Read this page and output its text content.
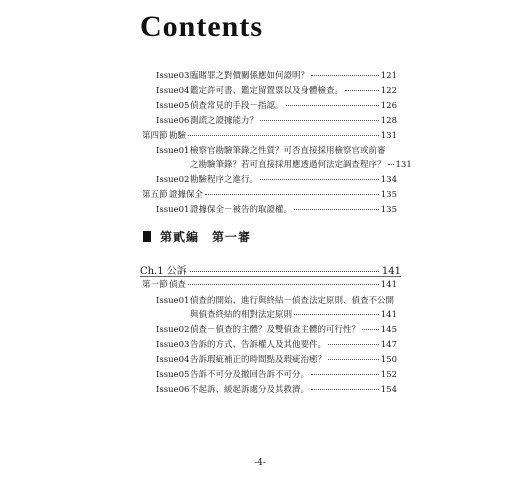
Contents
Issue03 臨賭罪之對價關係應如何證明？	121
Issue04 鑑定許可書、鑑定留置票以及身體檢查。	122
Issue05 偵查常見的手段－指認。	126
Issue06 測謊之證據能力？	128
第四節 勘驗	131
Issue01檢察官勘驗筆錄之性質？可否直接採用檢察官或前審
之勘驗筆錄？若可直接採用應透過何法定調查程序？ 131
Issue02 勘驗程序之進行。	134
第五節 證據保全	135
Issue01 證據保全－被告的取證權。	135
第貳編　第一審
Ch.1 公訴	141
第一節 偵查	141
Issue01偵查的開始、進行與終結－偵查法定原則、偵查不公開
與偵查終結的相對法定原則	141
Issue02 偵查－偵查的主體？及雙偵查主體的可行性？ 145
Issue03 告訴的方式、告訴權人及其他要件。	147
Issue04 告訴瑕疵補正的時間點及瑕疵治癒？	150
Issue05 告訴不可分及撤回告訴不可分。	152
Issue06 不起訴、緩起訴處分及其救濟。	154
-4-
